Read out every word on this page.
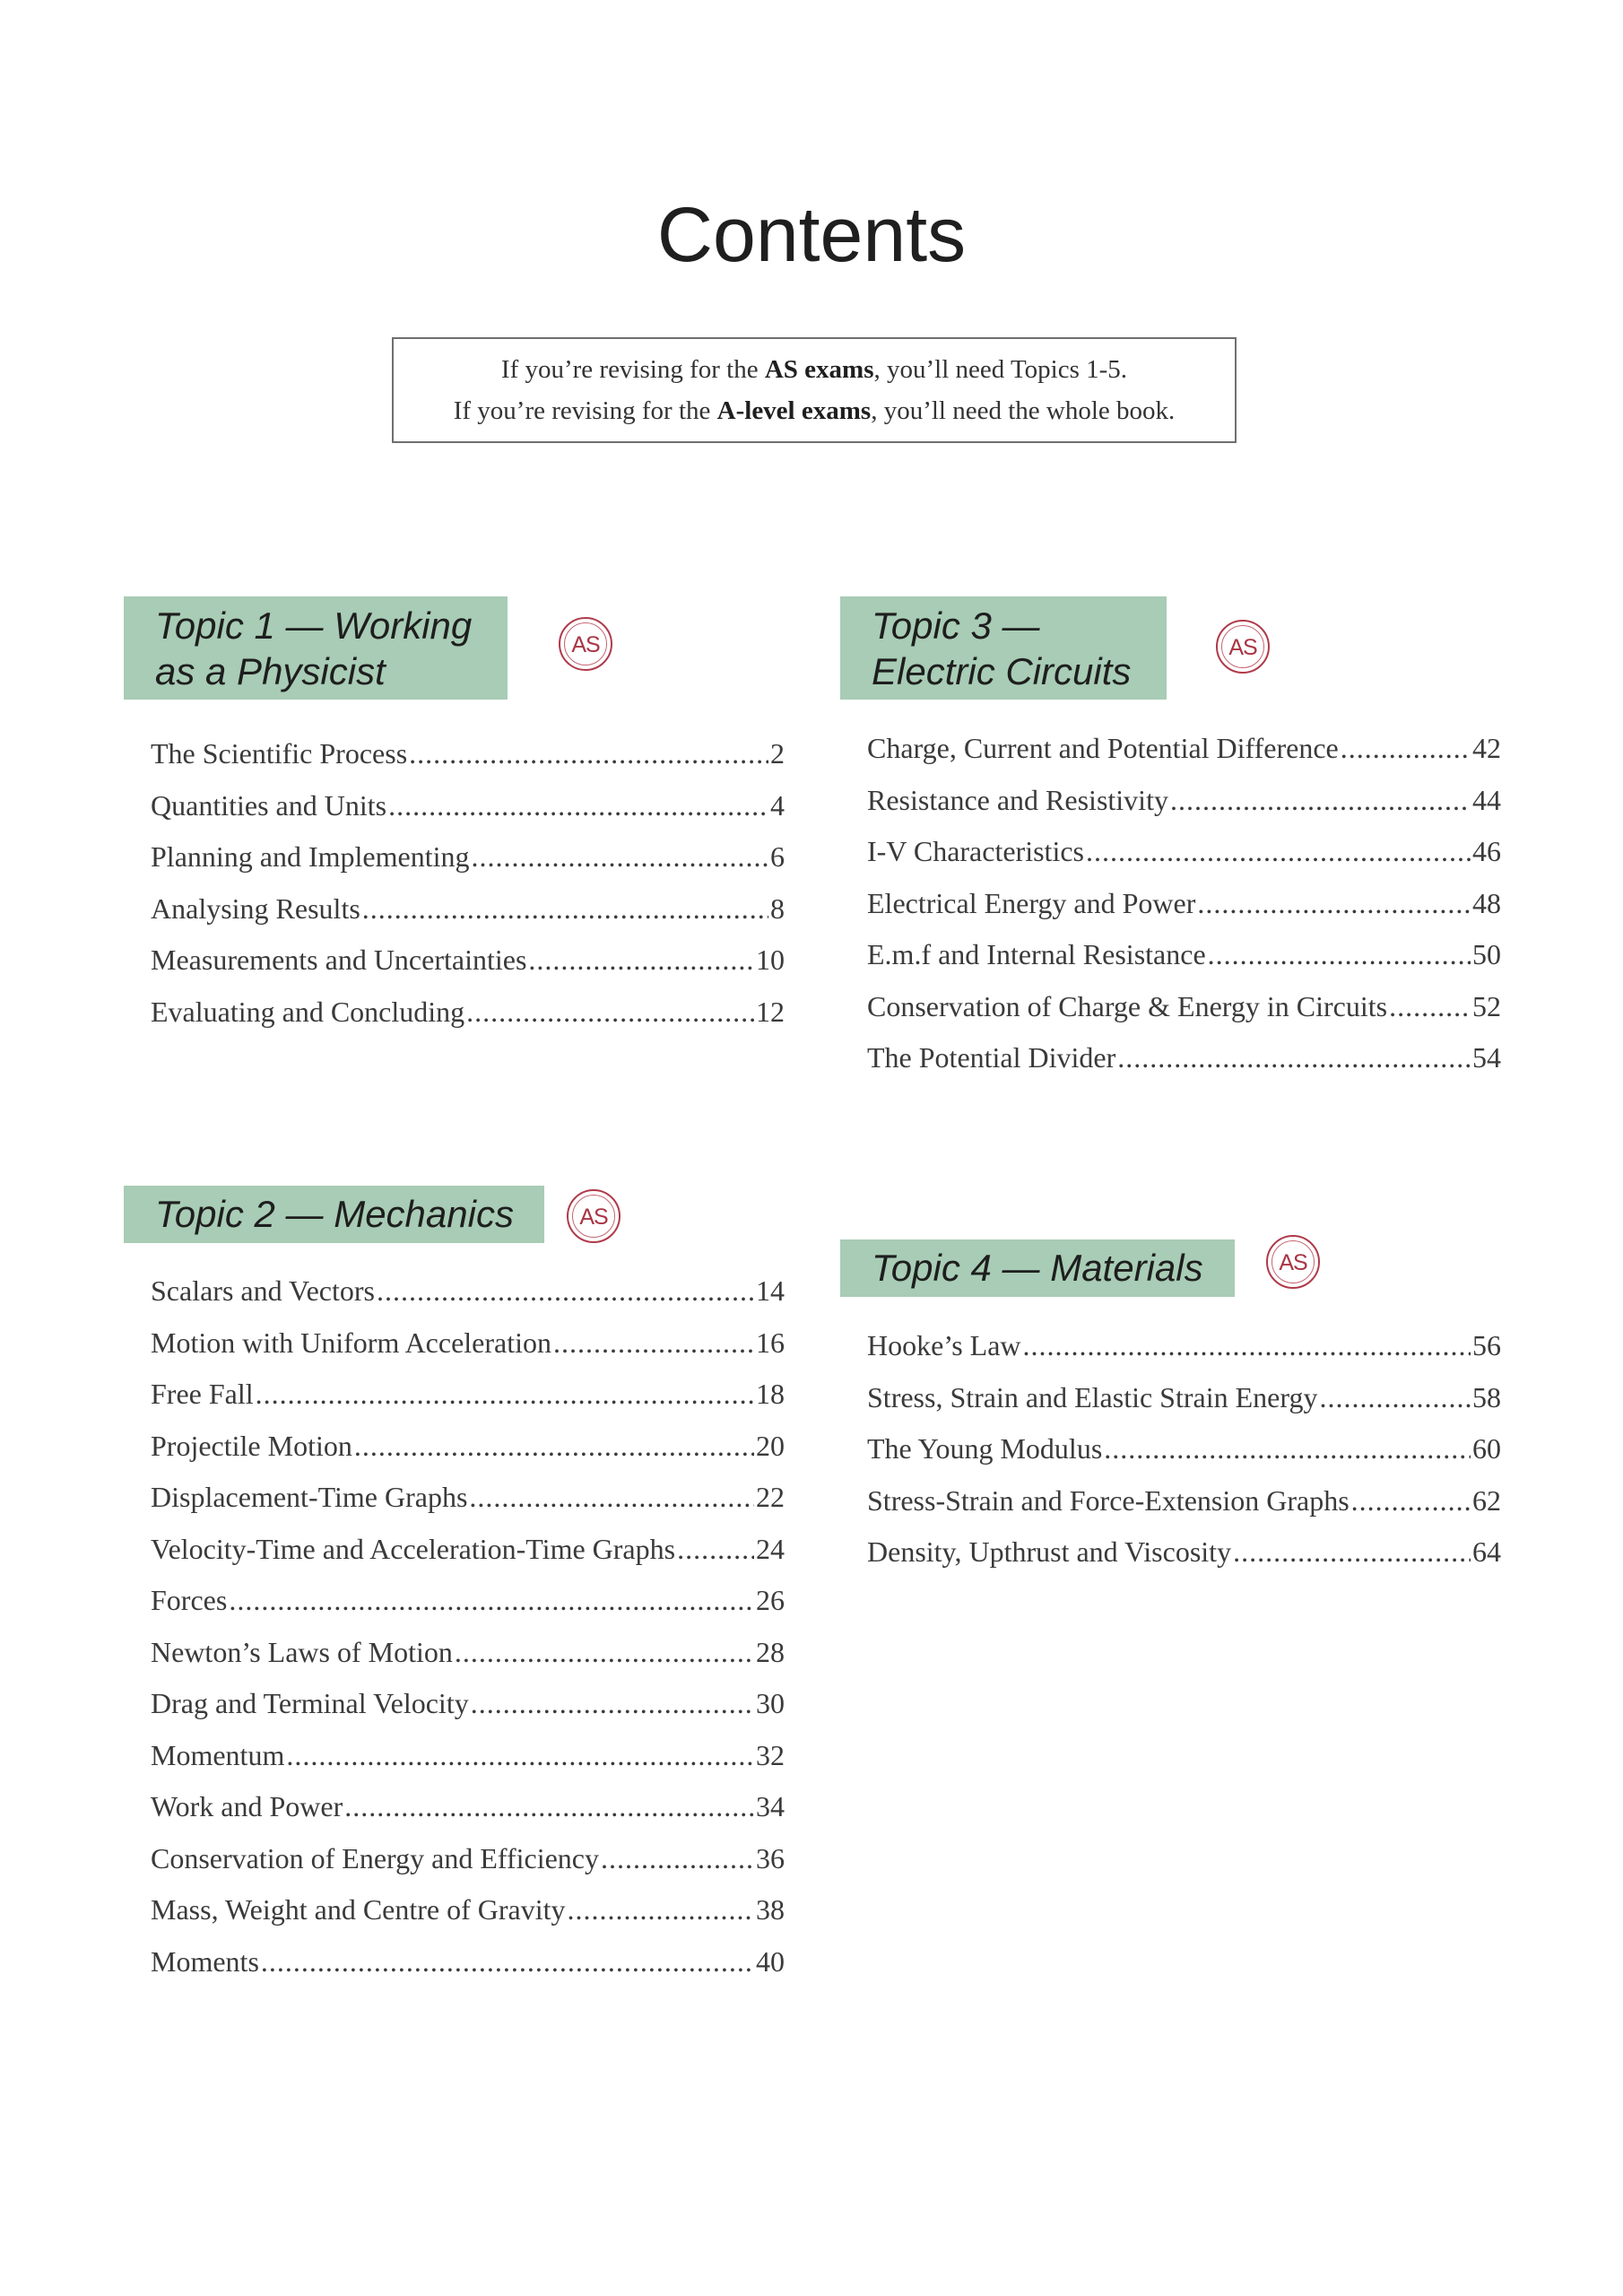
Contents
If you’re revising for the AS exams, you’ll need Topics 1-5.
If you’re revising for the A-level exams, you’ll need the whole book.
Topic 1 — Working
as a Physicist
AS
The Scientific Process .....	2
Quantities and Units .....	4
Planning and Implementing .....	6
Analysing Results .....	8
Measurements and Uncertainties .....	10
Evaluating and Concluding .....	12
Topic 2 — Mechanics	AS
Scalars and Vectors .....	14
Motion with Uniform Acceleration .....	16
Free Fall .....	18
Projectile Motion .....	20
Displacement-Time Graphs .....	22
Velocity-Time and Acceleration-Time Graphs .....	24
Forces .....	26
Newton’s Laws of Motion .....	28
Drag and Terminal Velocity .....	30
Momentum .....	32
Work and Power .....	34
Conservation of Energy and Efficiency .....	36
Mass, Weight and Centre of Gravity .....	38
Moments .....	40
Topic 3 —
Electric Circuits
AS
Charge, Current and Potential Difference .....	42
Resistance and Resistivity .....	44
I-V Characteristics .....	46
Electrical Energy and Power .....	48
E.m.f and Internal Resistance .....	50
Conservation of Charge & Energy in Circuits .....	52
The Potential Divider .....	54
Topic 4 — Materials	AS
Hooke’s Law .....	56
Stress, Strain and Elastic Strain Energy .....	58
The Young Modulus .....	60
Stress-Strain and Force-Extension Graphs .....	62
Density, Upthrust and Viscosity .....	64
